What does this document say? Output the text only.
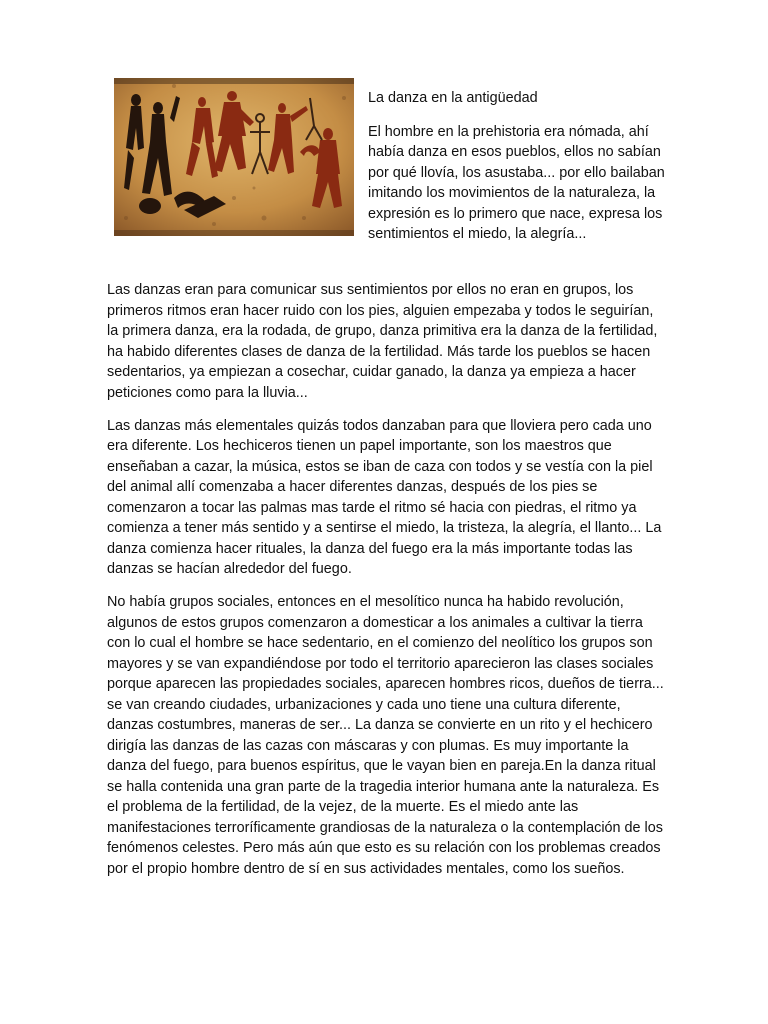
La danza en la antigüedad

El hombre en la prehistoria era nómada, ahí había danza en esos pueblos, ellos no sabían por qué llovía, los asustaba... por ello bailaban imitando los movimientos de la naturaleza, la expresión es lo primero que nace, expresa los sentimientos el miedo, la alegría...

Las danzas eran para comunicar sus sentimientos por ellos no eran en grupos, los primeros ritmos eran hacer ruido con los pies, alguien empezaba y todos le seguirían, la primera danza, era la rodada, de grupo, danza primitiva era la danza de la fertilidad, ha habido diferentes clases de danza de la fertilidad. Más tarde los pueblos se hacen sedentarios, ya empiezan a cosechar, cuidar ganado, la danza ya empieza a hacer peticiones como para la lluvia...

Las danzas más elementales quizás todos danzaban para que lloviera pero cada uno era diferente. Los hechiceros tienen un papel importante, son los maestros que enseñaban a cazar, la música, estos se iban de caza con todos y se vestía con la piel del animal allí comenzaba a hacer diferentes danzas, después de los pies se comenzaron a tocar las palmas mas tarde el ritmo sé hacia con piedras, el ritmo ya comienza a tener más sentido y a sentirse el miedo, la tristeza, la alegría, el llanto... La danza comienza hacer rituales, la danza del fuego era la más importante todas las danzas se hacían alrededor del fuego.

No había grupos sociales, entonces en el mesolítico nunca ha habido revolución, algunos de estos grupos comenzaron a domesticar a los animales a cultivar la tierra con lo cual el hombre se hace sedentario, en el comienzo del neolítico los grupos son mayores y se van expandiéndose por todo el territorio aparecieron las clases sociales porque aparecen las propiedades sociales, aparecen hombres ricos, dueños de tierra... se van creando ciudades, urbanizaciones y cada uno tiene una cultura diferente, danzas costumbres, maneras de ser... La danza se convierte en un rito y el hechicero dirigía las danzas de las cazas con máscaras y con plumas. Es muy importante la danza del fuego, para buenos espíritus, que le vayan bien en pareja.En la danza ritual se halla contenida una gran parte de la tragedia interior humana ante la naturaleza. Es el problema de la fertilidad, de la vejez, de la muerte. Es el miedo ante las manifestaciones terroríficamente grandiosas de la naturaleza o la contemplación de los fenómenos celestes. Pero más aún que esto es su relación con los problemas creados por el propio hombre dentro de sí en sus actividades mentales, como los sueños.
